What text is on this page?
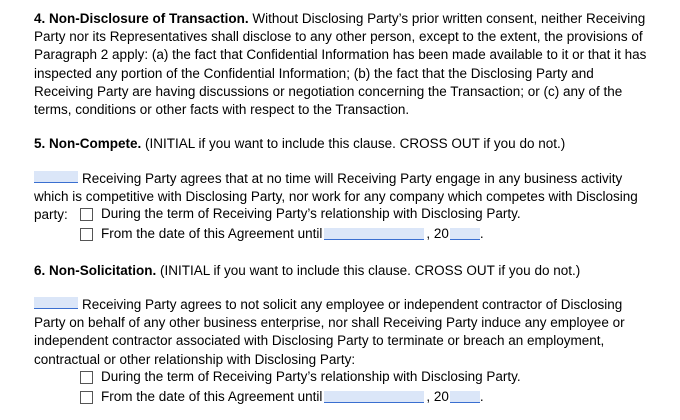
4. Non-Disclosure of Transaction. Without Disclosing Party’s prior written consent, neither Receiving Party nor its Representatives shall disclose to any other person, except to the extent, the provisions of Paragraph 2 apply: (a) the fact that Confidential Information has been made available to it or that it has inspected any portion of the Confidential Information; (b) the fact that the Disclosing Party and Receiving Party are having discussions or negotiation concerning the Transaction; or (c) any of the terms, conditions or other facts with respect to the Transaction.

5. Non-Compete. (INITIAL if you want to include this clause. CROSS OUT if you do not.)

Receiving Party agrees that at no time will Receiving Party engage in any business activity which is competitive with Disclosing Party, nor work for any company which competes with Disclosing party:	During the term of Receiving Party’s relationship with Disclosing Party.
From the date of this Agreement until	, 20 .

6. Non-Solicitation. (INITIAL if you want to include this clause. CROSS OUT if you do not.)

Receiving Party agrees to not solicit any employee or independent contractor of Disclosing Party on behalf of any other business enterprise, nor shall Receiving Party induce any employee or independent contractor associated with Disclosing Party to terminate or breach an employment, contractual or other relationship with Disclosing Party:

During the term of Receiving Party’s relationship with Disclosing Party.
From the date of this Agreement until	, 20 .
